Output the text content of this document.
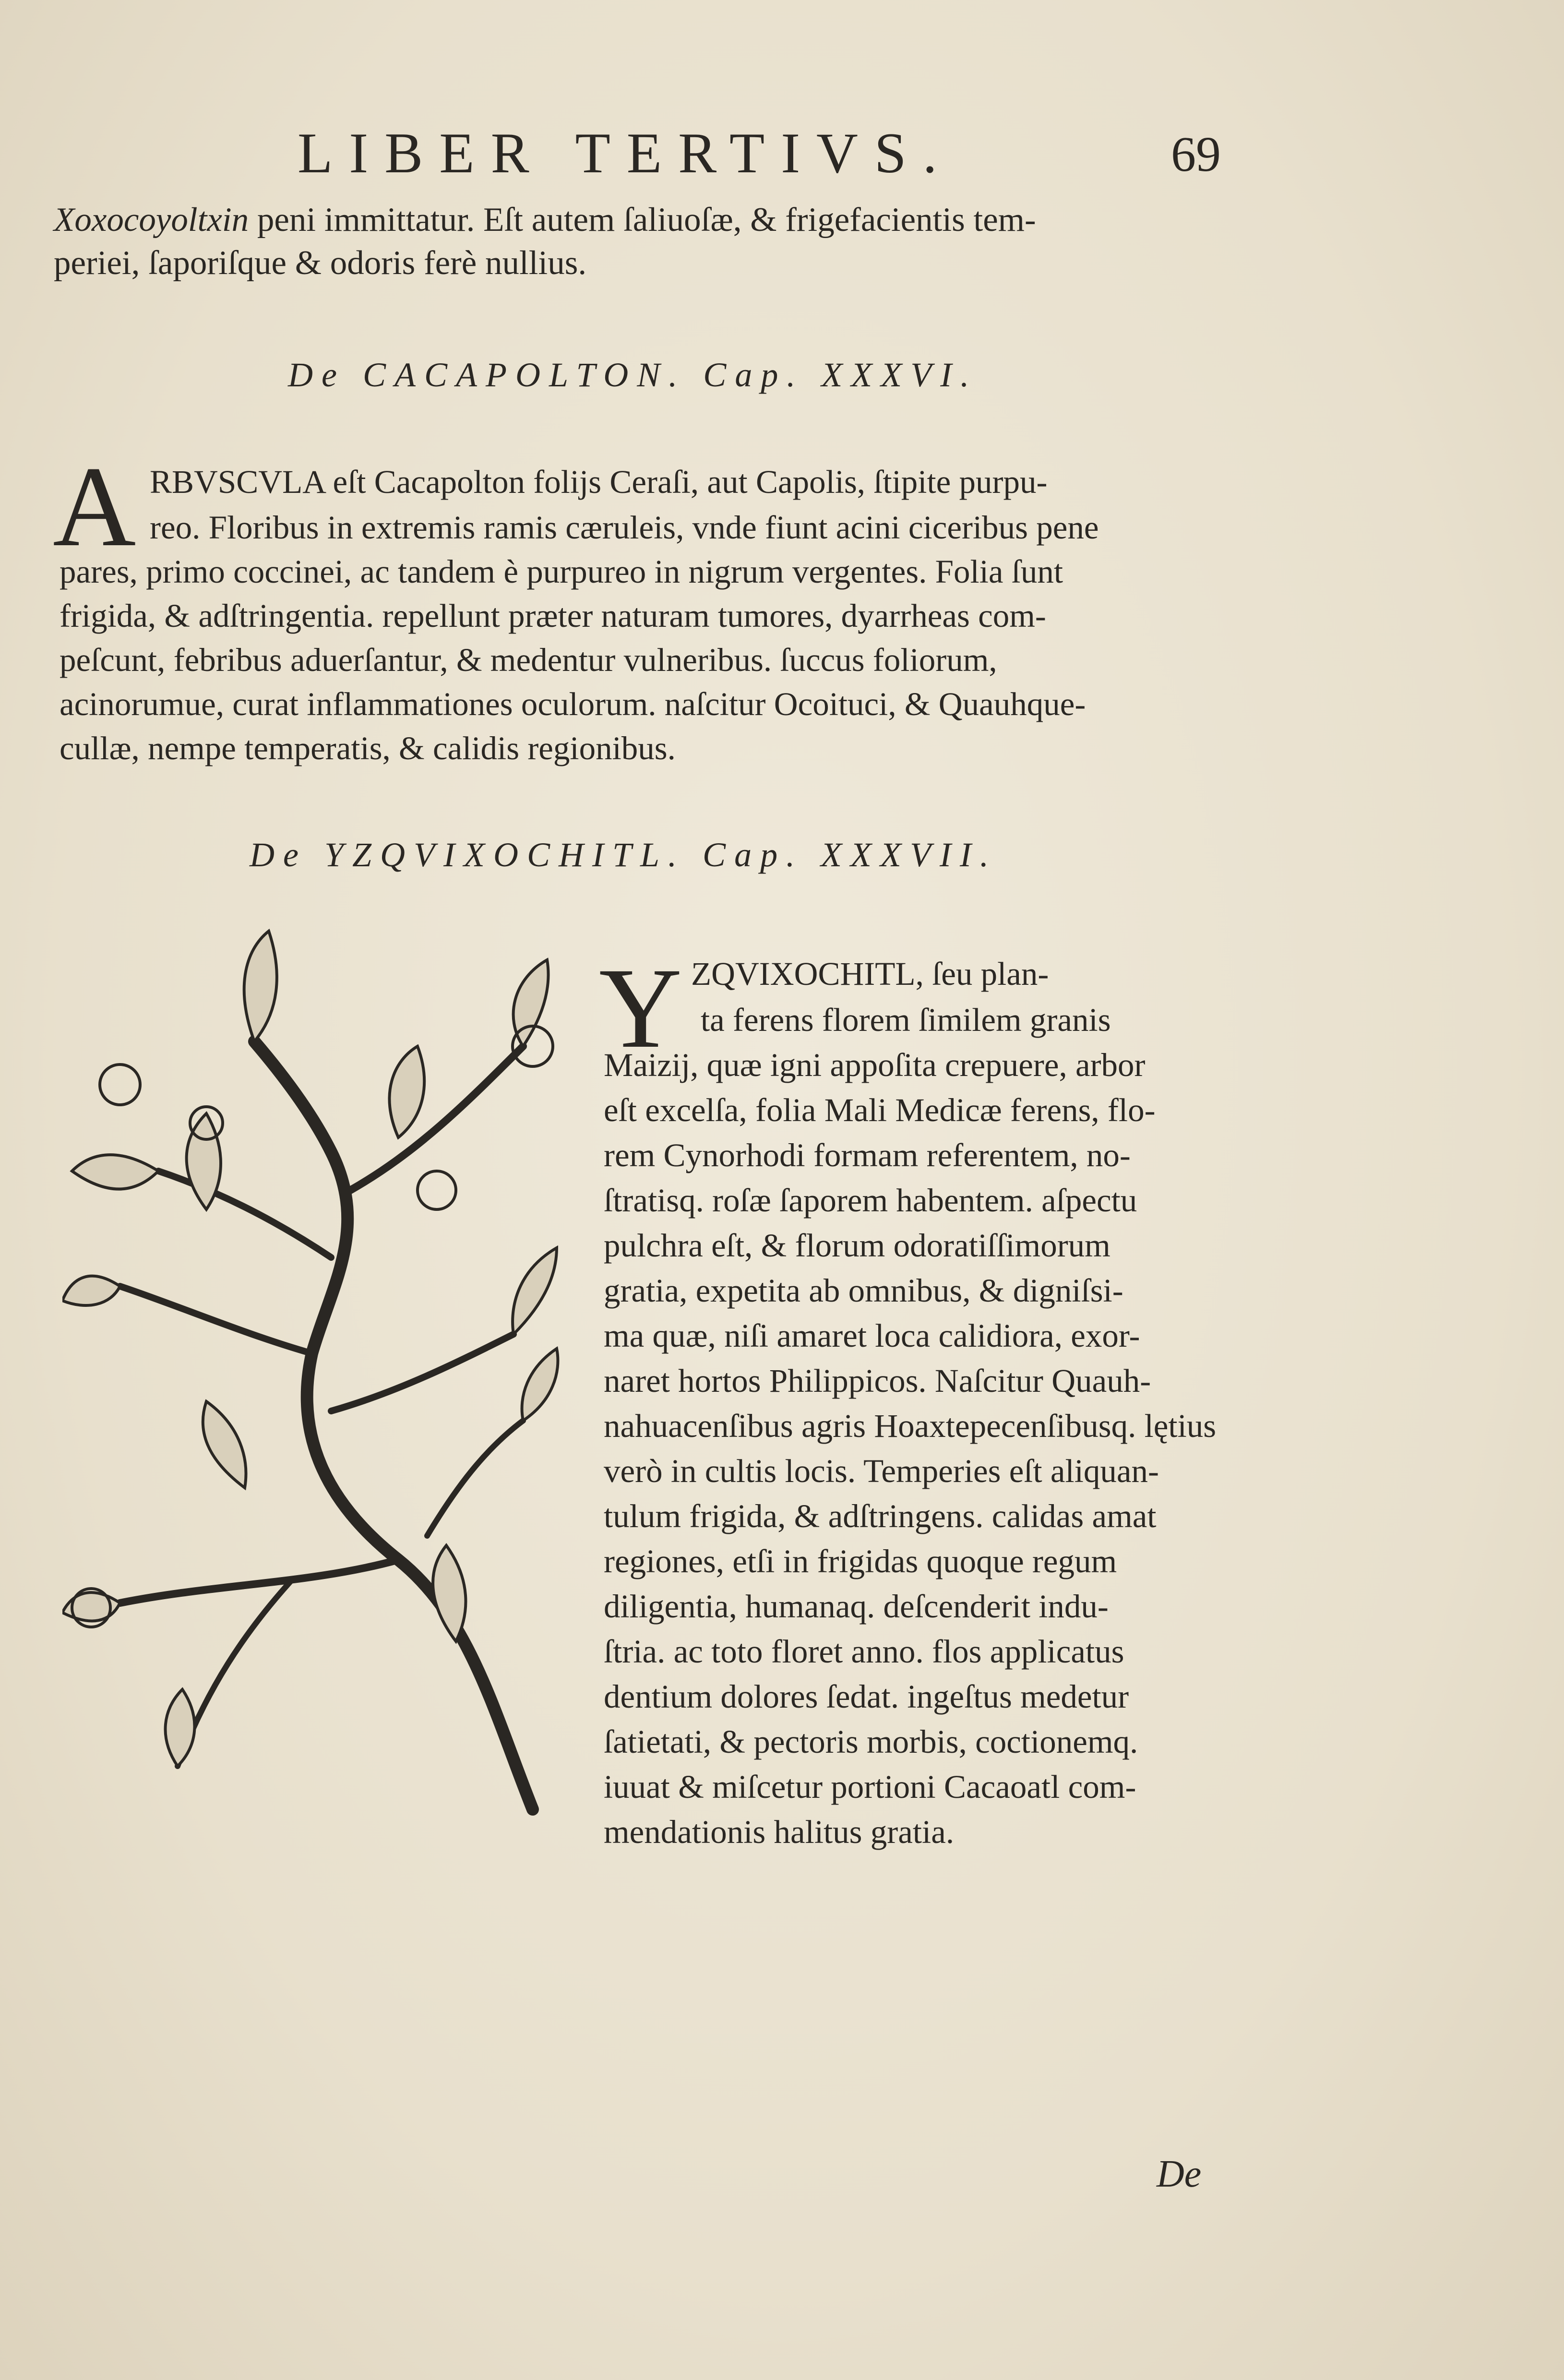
LIBER TERTIVS.	69
Xoxocoyoltxin peni immittatur. Eſt autem ſaliuoſæ, & frigefacientis tem-
periei, ſaporiſque & odoris ferè nullius.
De CACAPOLTON. Cap. XXXVI.
A RBVSCVLA eſt Cacapolton folijs Ceraſi, aut Capolis, ſtipite purpu-
reo. Floribus in extremis ramis cæruleis, vnde fiunt acini ciceribus pene
pares, primo coccinei, ac tandem è purpureo in nigrum vergentes. Folia ſunt
frigida, & adſtringentia. repellunt præter naturam tumores, dyarrheas com-
peſcunt, febribus aduerſantur, & medentur vulneribus. ſuccus foliorum,
acinorumue, curat inflammationes oculorum. naſcitur Ocoituci, & Quauhque-
cullæ, nempe temperatis, & calidis regionibus.
De YZQVIXOCHITL. Cap. XXXVII.
Y ZQVIXOCHITL, ſeu plan-
ta ferens florem ſimilem granis
Maizij, quæ igni appoſita crepuere, arbor
eſt excelſa, folia Mali Medicæ ferens, flo-
rem Cynorhodi formam referentem, no-
ſtratisq. roſæ ſaporem habentem. aſpectu
pulchra eſt, & florum odoratiſſimorum
gratia, expetita ab omnibus, & digniſsi-
ma quæ, niſi amaret loca calidiora, exor-
naret hortos Philippicos. Naſcitur Quauh-
nahuacenſibus agris Hoaxtepecenſibusq. lętius
verò in cultis locis. Temperies eſt aliquan-
tulum frigida, & adſtringens. calidas amat
regiones, etſi in frigidas quoque regum
diligentia, humanaq. deſcenderit indu-
ſtria. ac toto floret anno. flos applicatus
dentium dolores ſedat. ingeſtus medetur
ſatietati, & pectoris morbis, coctionemq.
iuuat & miſcetur portioni Cacaoatl com-
mendationis halitus gratia.
De
